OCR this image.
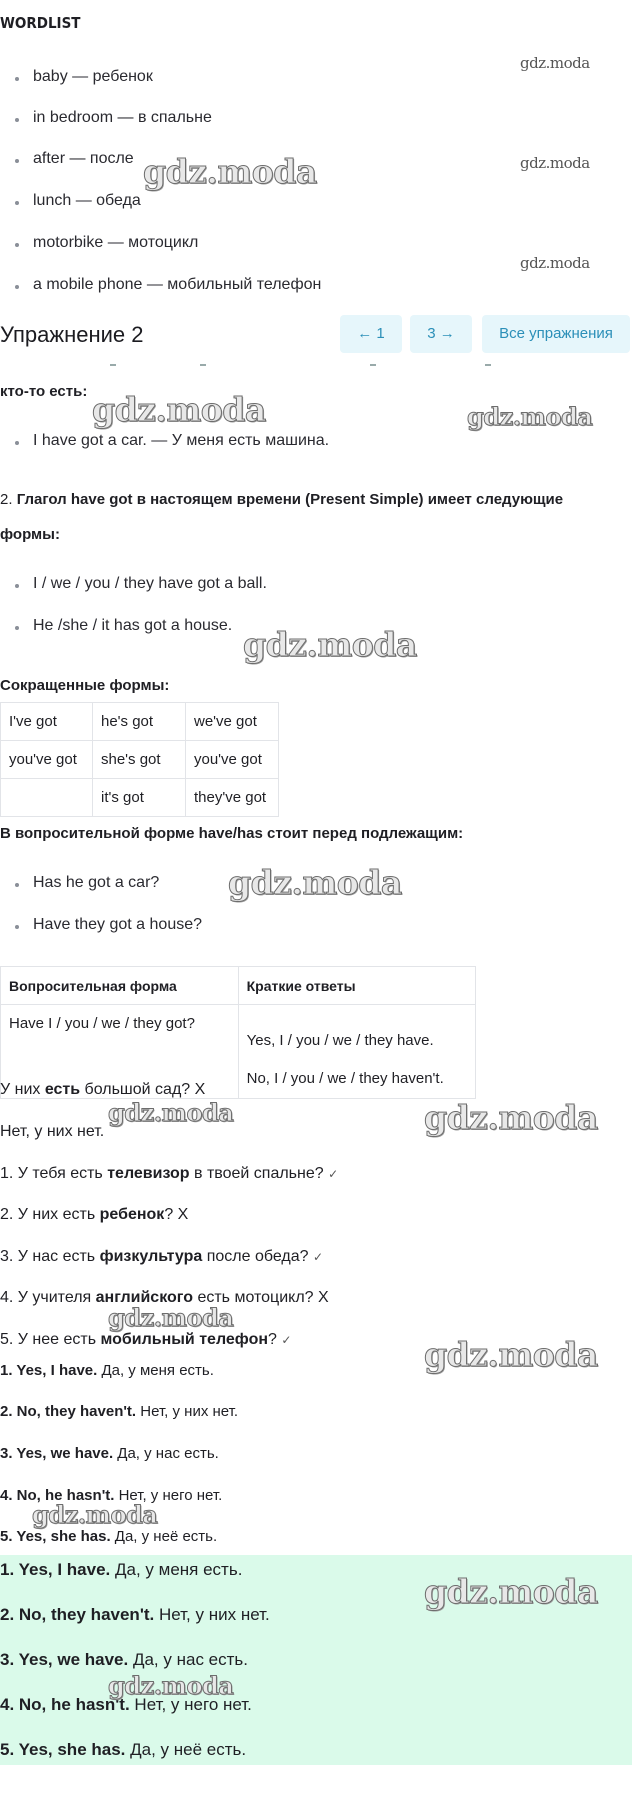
WORDLIST
baby — ребенок
in bedroom — в спальне
after — после
lunch — обеда
motorbike — мотоцикл
a mobile phone — мобильный телефон
Упражнение 2	← 1	3 →	Все упражнения
кто-то есть:
I have got a car. — У меня есть машина.
2. Глагол have got в настоящем времени (Present Simple) имеет следующие
формы:
I / we / you / they have got a ball.
He /she / it has got a house.
Сокращенные формы:
I've got	he's got	we've got
you've got	she's got	you've got
	it's got	they've got
В вопросительной форме have/has стоит перед подлежащим:
Has he got a car?
Have they got a house?
Вопросительная форма	Краткие ответы
Have I / you / we / they got?	Yes, I / you / we / they have.
No, I / you / we / they haven't.
У них есть большой сад? X
Нет, у них нет.
1. У тебя есть телевизор в твоей спальне? ✓
2. У них есть ребенок? X
3. У нас есть физкультура после обеда? ✓
4. У учителя английского есть мотоцикл? X
5. У нее есть мобильный телефон? ✓
1. Yes, I have. Да, у меня есть.
2. No, they haven't. Нет, у них нет.
3. Yes, we have. Да, у нас есть.
4. No, he hasn't. Нет, у него нет.
5. Yes, she has. Да, у неё есть.
1. Yes, I have. Да, у меня есть.
2. No, they haven't. Нет, у них нет.
3. Yes, we have. Да, у нас есть.
4. No, he hasn't. Нет, у него нет.
5. Yes, she has. Да, у неё есть.
gdz.moda
gdz.moda
gdz.moda
gdz.moda
gdz.moda	gdz.moda
gdz.moda
gdz.moda
gdz.moda	gdz.moda
gdz.moda
gdz.moda
gdz.moda
gdz.moda
gdz.moda
